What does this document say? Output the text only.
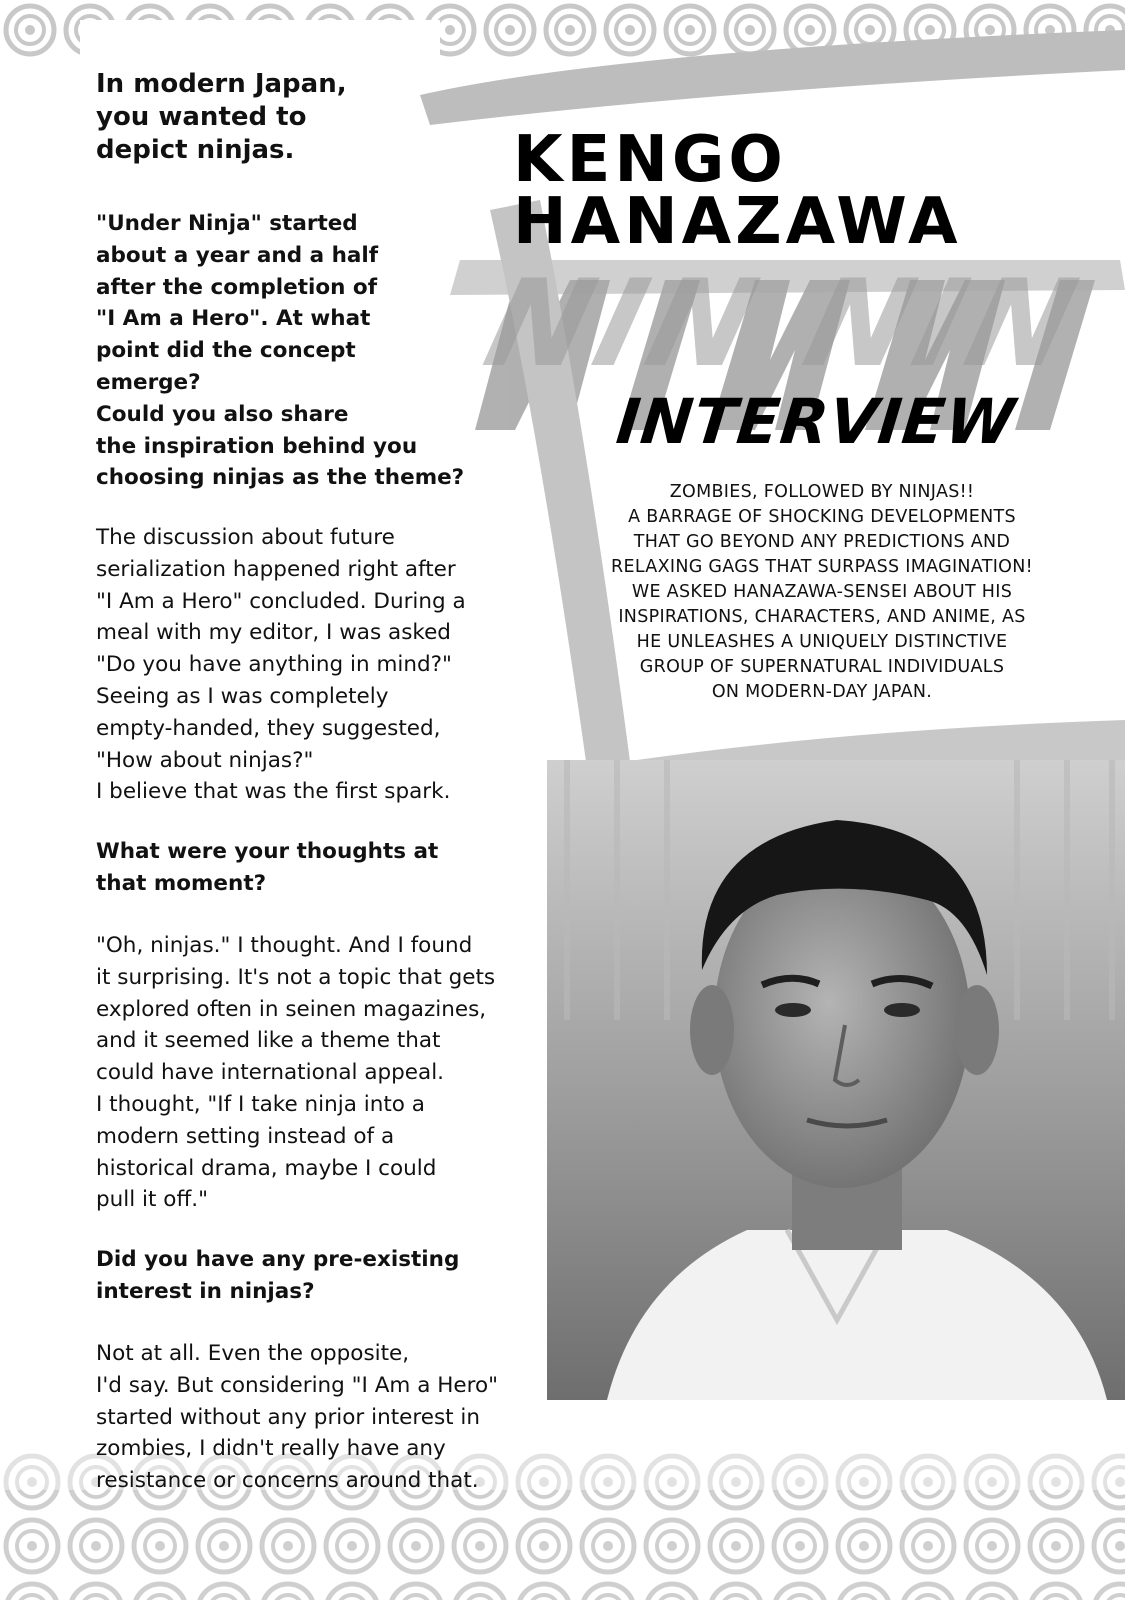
KENGO
HANAZAWA
NIN NIN
INTERVIEW

ZOMBIES, FOLLOWED BY NINJAS!!
A BARRAGE OF SHOCKING DEVELOPMENTS
THAT GO BEYOND ANY PREDICTIONS AND
RELAXING GAGS THAT SURPASS IMAGINATION!
WE ASKED HANAZAWA-SENSEI ABOUT HIS
INSPIRATIONS, CHARACTERS, AND ANIME, AS
HE UNLEASHES A UNIQUELY DISTINCTIVE
GROUP OF SUPERNATURAL INDIVIDUALS
ON MODERN-DAY JAPAN.

In modern Japan,
you wanted to
depict ninjas.

"Under Ninja" started
about a year and a half
after the completion of
"I Am a Hero". At what
point did the concept
emerge?
Could you also share
the inspiration behind you
choosing ninjas as the theme?

The discussion about future
serialization happened right after
"I Am a Hero" concluded. During a
meal with my editor, I was asked
"Do you have anything in mind?"
Seeing as I was completely
empty-handed, they suggested,
"How about ninjas?"
I believe that was the first spark.

What were your thoughts at
that moment?

"Oh, ninjas." I thought. And I found
it surprising. It's not a topic that gets
explored often in seinen magazines,
and it seemed like a theme that
could have international appeal.
I thought, "If I take ninja into a
modern setting instead of a
historical drama, maybe I could
pull it off."

Did you have any pre-existing
interest in ninjas?

Not at all. Even the opposite,
I'd say. But considering "I Am a Hero"
started without any prior interest in
zombies, I didn't really have any
resistance or concerns around that.
